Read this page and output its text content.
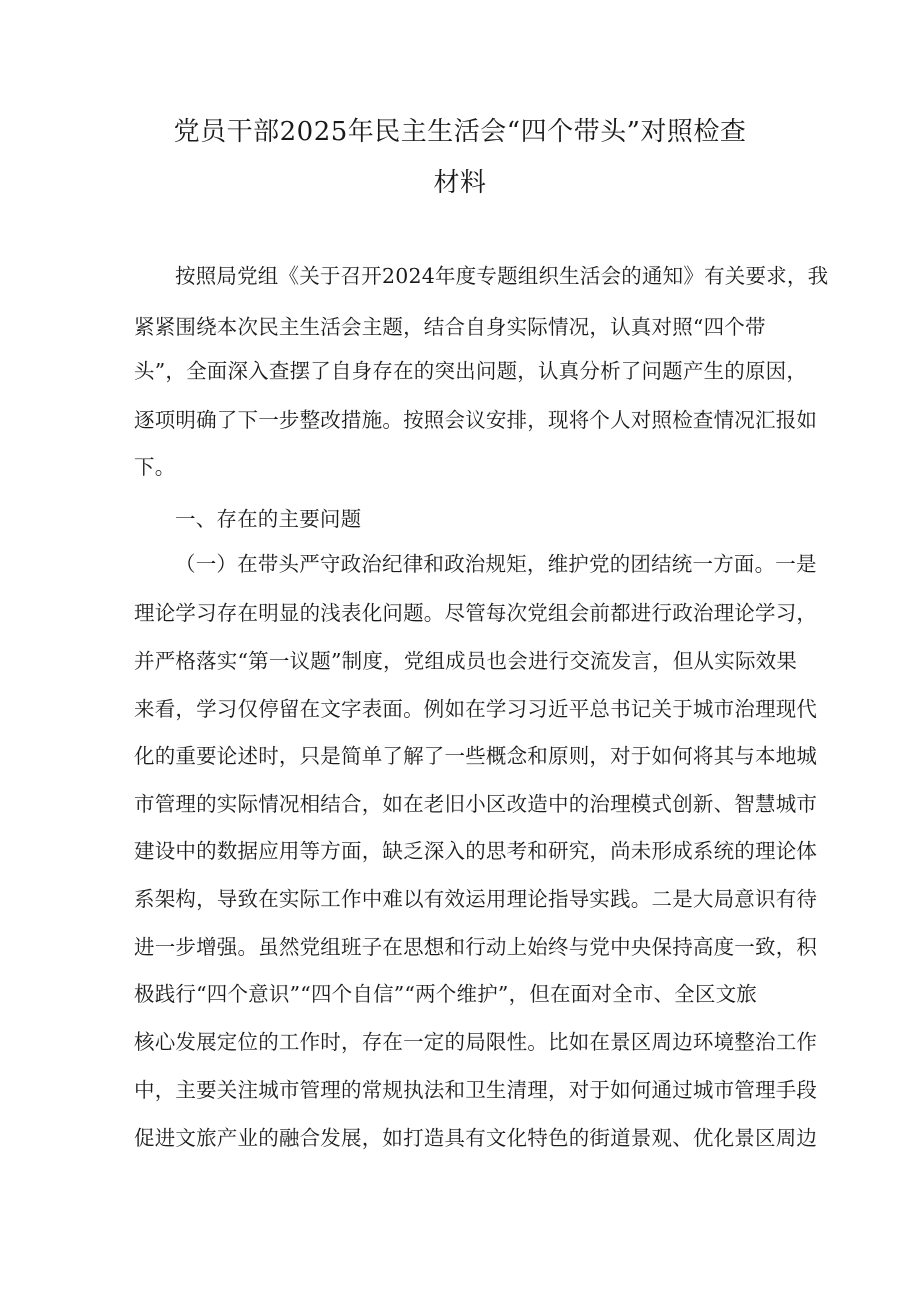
党员干部2025年民主生活会“四个带头”对照检查
材料
按照局党组《关于召开2024年度专题组织生活会的通知》有关要求，我
紧紧围绕本次民主生活会主题，结合自身实际情况，认真对照“四个带
头”，全面深入查摆了自身存在的突出问题，认真分析了问题产生的原因，
逐项明确了下一步整改措施。按照会议安排，现将个人对照检查情况汇报如
下。
一、存在的主要问题
（一）在带头严守政治纪律和政治规矩，维护党的团结统一方面。一是
理论学习存在明显的浅表化问题。尽管每次党组会前都进行政治理论学习，
并严格落实“第一议题”制度，党组成员也会进行交流发言，但从实际效果
来看，学习仅停留在文字表面。例如在学习习近平总书记关于城市治理现代
化的重要论述时，只是简单了解了一些概念和原则，对于如何将其与本地城
市管理的实际情况相结合，如在老旧小区改造中的治理模式创新、智慧城市
建设中的数据应用等方面，缺乏深入的思考和研究，尚未形成系统的理论体
系架构，导致在实际工作中难以有效运用理论指导实践。二是大局意识有待
进一步增强。虽然党组班子在思想和行动上始终与党中央保持高度一致，积
极践行“四个意识”“四个自信”“两个维护”，但在面对全市、全区文旅
核心发展定位的工作时，存在一定的局限性。比如在景区周边环境整治工作
中，主要关注城市管理的常规执法和卫生清理，对于如何通过城市管理手段
促进文旅产业的融合发展，如打造具有文化特色的街道景观、优化景区周边
